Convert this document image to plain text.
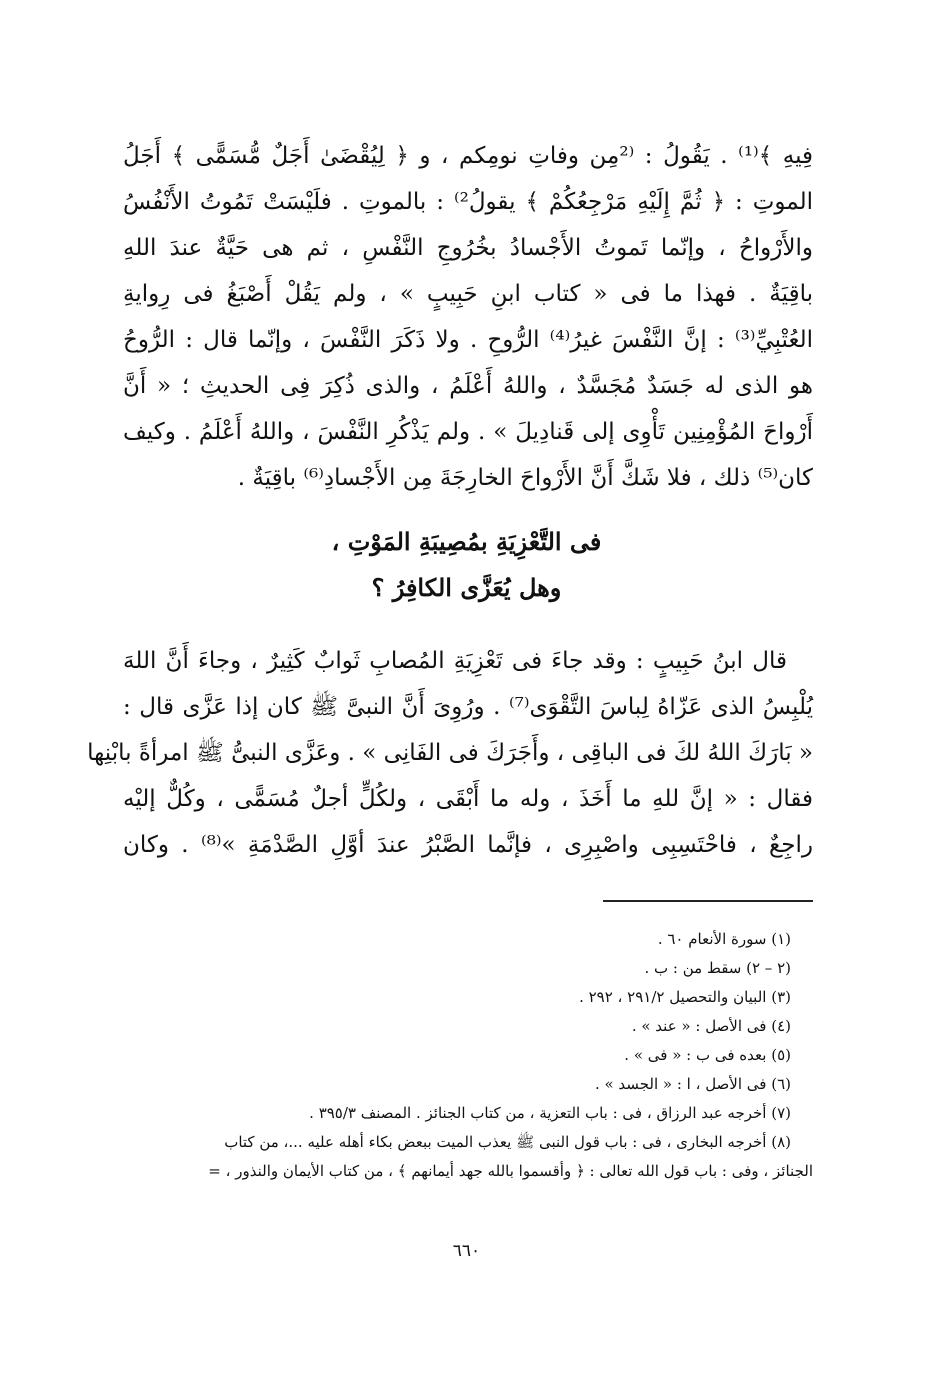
فِيهِ ﴾⁽¹⁾ . يَقُولُ : ⁽²مِن وفاتِ نومِكم ، و ﴿ لِيُقْضَىٰ أَجَلٌ مُّسَمًّى ﴾ أَجَلُ
الموتِ : ﴿ ثُمَّ إِلَيْهِ مَرْجِعُكُمْ ﴾ يقولُ²⁾ : بالموتِ . فلَيْسَتْ تَمُوتُ الأَنْفُسُ
والأَرْواحُ ، وإنّما تَموتُ الأَجْسادُ بخُرُوجِ النَّفْسِ ، ثم هى حَيَّةٌ عندَ اللهِ
باقِيَةٌ . فهذا ما فى « كتاب ابنِ حَبِيبٍ » ، ولم يَقُلْ أَصْبَغُ فى رِوايةِ
العُتْبِيِّ⁽³⁾ : إنَّ النَّفْسَ غيرُ⁽⁴⁾ الرُّوحِ . ولا ذَكَرَ النَّفْسَ ، وإنّما قال : الرُّوحُ
هو الذى له جَسَدٌ مُجَسَّدٌ ، واللهُ أَعْلَمُ ، والذى ذُكِرَ فِى الحديثِ ؛ « أَنَّ
أَرْواحَ المُؤْمِنِين تَأْوِى إلى قَنادِيلَ » . ولم يَذْكُرِ النَّفْسَ ، واللهُ أَعْلَمُ . وكيف
كان⁽⁵⁾ ذلك ، فلا شَكَّ أَنَّ الأَرْواحَ الخارِجَةَ مِن الأَجْسادِ⁽⁶⁾ باقِيَةٌ .
فى التَّعْزِيَةِ بمُصِيبَةِ المَوْتِ ،
وهل يُعَزَّى الكافِرُ ؟
قال ابنُ حَبِيبٍ : وقد جاءَ فى تَعْزِيَةِ المُصابِ ثَوابٌ كَثِيرٌ ، وجاءَ أَنَّ اللهَ
يُلْبِسُ الذى عَزّاهُ لِباسَ التَّقْوَى⁽⁷⁾ . ورُوِىَ أَنَّ النبىَّ ﷺ كان إذا عَزَّى قال :
« بَارَكَ اللهُ لكَ فى الباقِى ، وأَجَرَكَ فى الفَانِى » . وعَزَّى النبىُّ ﷺ امرأةً بابْنِها
فقال : « إنَّ للهِ ما أَخَذَ ، وله ما أَبْقَى ، ولكُلٍّ أجلٌ مُسَمًّى ، وكُلٌّ إليْه
راجِعٌ ، فاحْتَسِبِى واصْبِرِى ، فإنَّما الصَّبْرُ عندَ أوَّلِ الصَّدْمَةِ »⁽⁸⁾ . وكان
(١) سورة الأنعام ٦٠ .
(٢ – ٢) سقط من : ب .
(٣) البيان والتحصيل ٢٩١/٢ ، ٢٩٢ .
(٤) فى الأصل : « عند » .
(٥) بعده فى ب : « فى » .
(٦) فى الأصل ، ا : « الجسد » .
(٧) أخرجه عبد الرزاق ، فى : باب التعزية ، من كتاب الجنائز . المصنف ٣٩٥/٣ .
(٨) أخرجه البخارى ، فى : باب قول النبى ﷺ يعذب الميت ببعض بكاء أهله عليه ...، من كتاب
الجنائز ، وفى : باب قول الله تعالى : ﴿ وأقسموا بالله جهد أيمانهم ﴾ ، من كتاب الأيمان والنذور ، =
٦٦٠
